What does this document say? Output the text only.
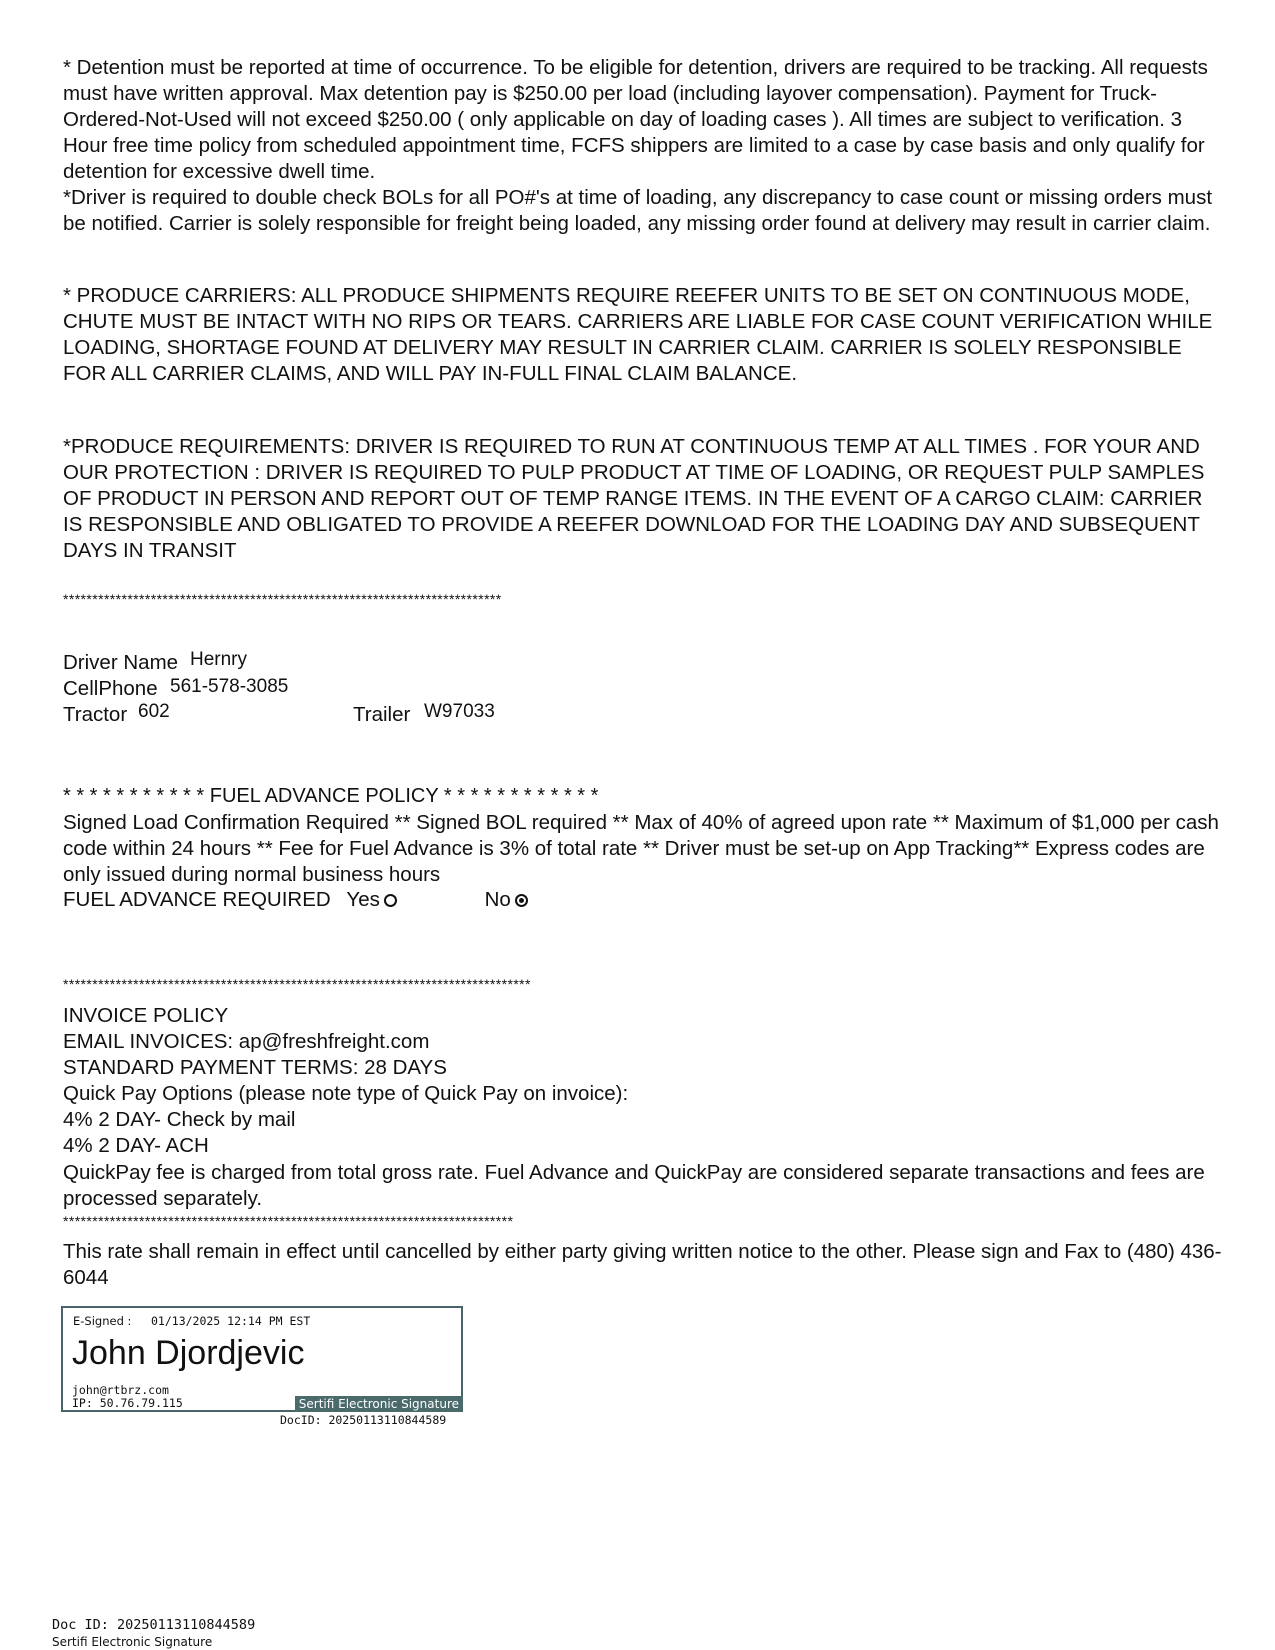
* Detention must be reported at time of occurrence. To be eligible for detention, drivers are required to be tracking. All requests must have written approval. Max detention pay is $250.00 per load (including layover compensation). Payment for Truck-Ordered-Not-Used will not exceed $250.00 ( only applicable on day of loading cases ). All times are subject to verification. 3 Hour free time policy from scheduled appointment time, FCFS shippers are limited to a case by case basis and only qualify for detention for excessive dwell time.

*Driver is required to double check BOLs for all PO#'s at time of loading, any discrepancy to case count or missing orders must be notified. Carrier is solely responsible for freight being loaded, any missing order found at delivery may result in carrier claim.

* PRODUCE CARRIERS: ALL PRODUCE SHIPMENTS REQUIRE REEFER UNITS TO BE SET ON CONTINUOUS MODE, CHUTE MUST BE INTACT WITH NO RIPS OR TEARS. CARRIERS ARE LIABLE FOR CASE COUNT VERIFICATION WHILE LOADING, SHORTAGE FOUND AT DELIVERY MAY RESULT IN CARRIER CLAIM. CARRIER IS SOLELY RESPONSIBLE FOR ALL CARRIER CLAIMS, AND WILL PAY IN-FULL FINAL CLAIM BALANCE.

*PRODUCE REQUIREMENTS: DRIVER IS REQUIRED TO RUN AT CONTINUOUS TEMP AT ALL TIMES . FOR YOUR AND OUR PROTECTION : DRIVER IS REQUIRED TO PULP PRODUCT AT TIME OF LOADING, OR REQUEST PULP SAMPLES OF PRODUCT IN PERSON AND REPORT OUT OF TEMP RANGE ITEMS. IN THE EVENT OF A CARGO CLAIM: CARRIER IS RESPONSIBLE AND OBLIGATED TO PROVIDE A REEFER DOWNLOAD FOR THE LOADING DAY AND SUBSEQUENT DAYS IN TRANSIT

***************************************************************************
Driver Name Hernry
CellPhone 561-578-3085
Tractor 602	Trailer W97033
* * * * * * * * * * * FUEL ADVANCE POLICY * * * * * * * * * * * *

Signed Load Confirmation Required ** Signed BOL required ** Max of 40% of agreed upon rate ** Maximum of $1,000 per cash code within 24 hours ** Fee for Fuel Advance is 3% of total rate ** Driver must be set-up on App Tracking** Express codes are only issued during normal business hours

FUEL ADVANCE REQUIRED Yes	No
********************************************************************************
INVOICE POLICY
EMAIL INVOICES: ap@freshfreight.com
STANDARD PAYMENT TERMS: 28 DAYS
Quick Pay Options (please note type of Quick Pay on invoice):
4% 2 DAY- Check by mail
4% 2 DAY- ACH

QuickPay fee is charged from total gross rate. Fuel Advance and QuickPay are considered separate transactions and fees are processed separately.

*****************************************************************************

This rate shall remain in effect until cancelled by either party giving written notice to the other. Please sign and Fax to (480) 436-6044

E-Signed : 01/13/2025 12:14 PM EST
John Djordjevic
john@rtbrz.com
IP: 50.76.79.115	Sertifi Electronic Signature
DocID: 20250113110844589
Doc ID: 20250113110844589
Sertifi Electronic Signature
